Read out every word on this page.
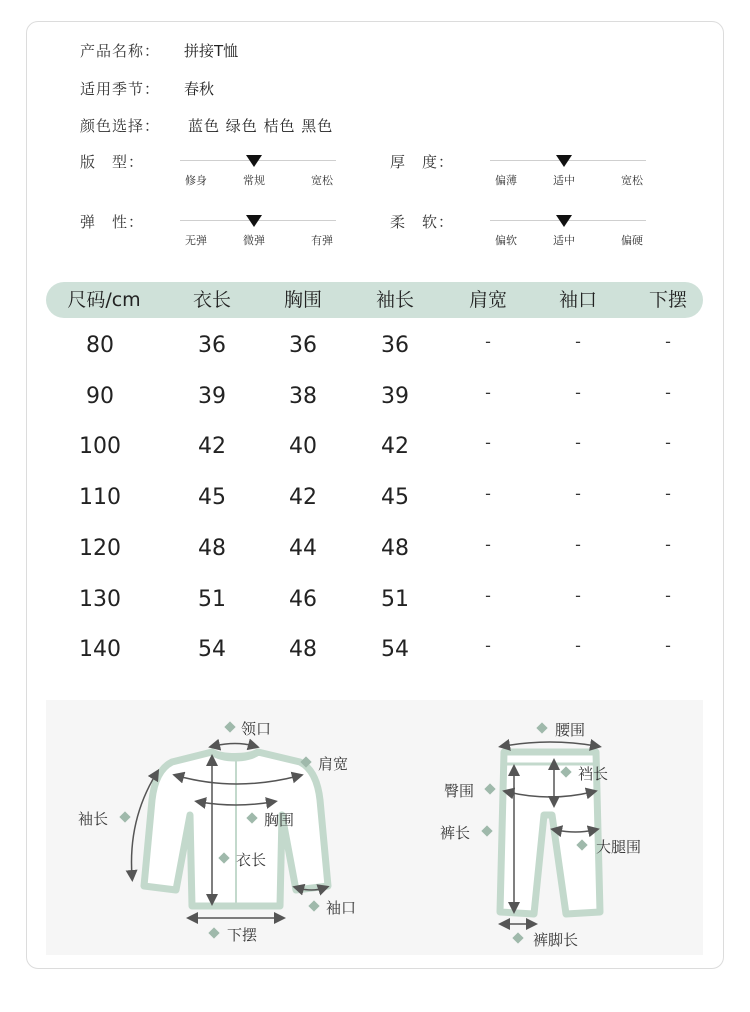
产品名称： 拼接T恤
适用季节： 春秋
颜色选择： 蓝色 绿色 桔色 黑色
版　型：
修身	常规	宽松
厚　度：
偏薄	适中	宽松
弹　性：
无弹	微弹	有弹
柔　软：
偏软	适中	偏硬
尺码/cm	衣长	胸围	袖长	肩宽	袖口	下摆
80	36	36	36	-	-	-
90	39	38	39	-	-	-
100	42	40	42	-	-	-
110	45	42	45	-	-	-
120	48	44	48	-	-	-
130	51	46	51	-	-	-
140	54	48	54	-	-	-
领口
肩宽
袖长	胸围
衣长
袖口
下摆
腰围
裆长
臀围
裤长
大腿围
裤脚长
